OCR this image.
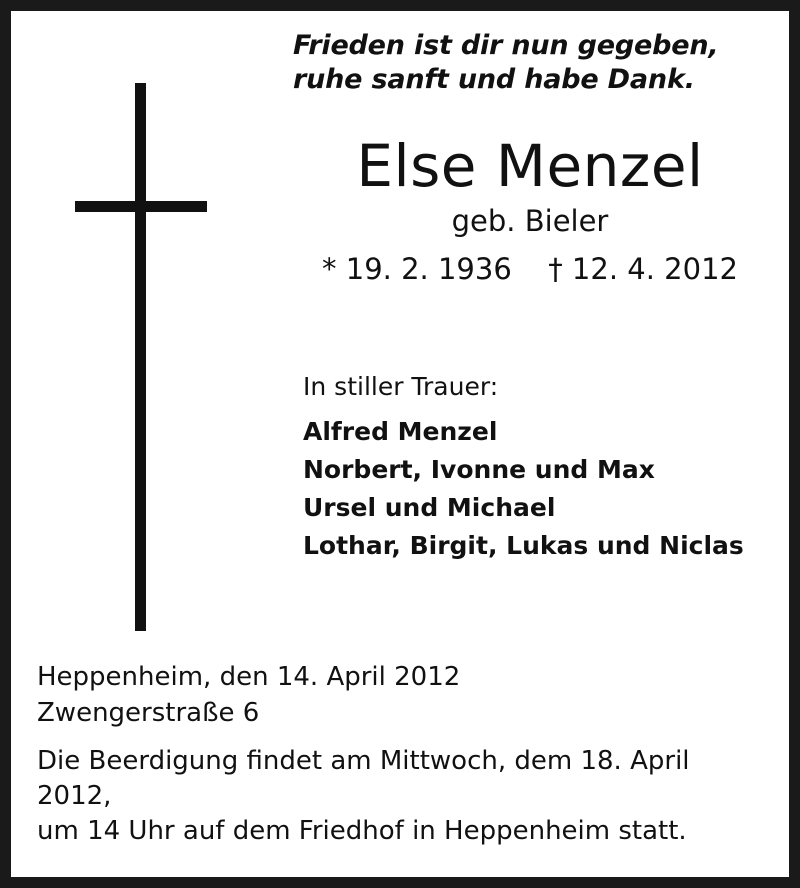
Frieden ist dir nun gegeben,
ruhe sanft und habe Dank.
Else Menzel
geb. Bieler
* 19. 2. 1936 † 12. 4. 2012
In stiller Trauer:
Alfred Menzel
Norbert, Ivonne und Max
Ursel und Michael
Lothar, Birgit, Lukas und Niclas
Heppenheim, den 14. April 2012
Zwengerstraße 6
Die Beerdigung findet am Mittwoch, dem 18. April 2012,
um 14 Uhr auf dem Friedhof in Heppenheim statt.
